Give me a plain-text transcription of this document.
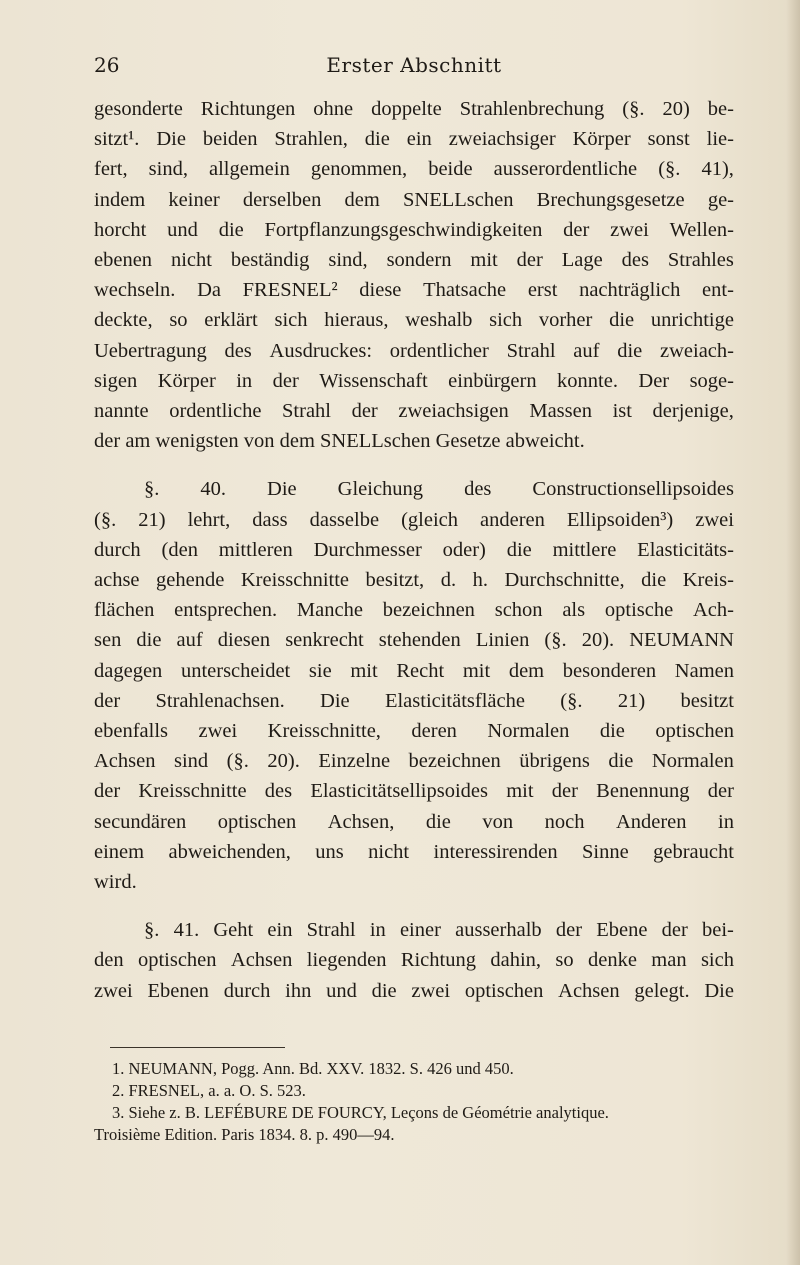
26	Erster Abschnitt
gesonderte Richtungen ohne doppelte Strahlenbrechung (§. 20) be-
sitzt¹. Die beiden Strahlen, die ein zweiachsiger Körper sonst lie-
fert, sind, allgemein genommen, beide ausserordentliche (§. 41),
indem keiner derselben dem SNELLschen Brechungsgesetze ge-
horcht und die Fortpflanzungsgeschwindigkeiten der zwei Wellen-
ebenen nicht beständig sind, sondern mit der Lage des Strahles
wechseln. Da FRESNEL² diese Thatsache erst nachträglich ent-
deckte, so erklärt sich hieraus, weshalb sich vorher die unrichtige
Uebertragung des Ausdruckes: ordentlicher Strahl auf die zweiach-
sigen Körper in der Wissenschaft einbürgern konnte. Der soge-
nannte ordentliche Strahl der zweiachsigen Massen ist derjenige,
der am wenigsten von dem SNELLschen Gesetze abweicht.
§. 40. Die Gleichung des Constructionsellipsoides
(§. 21) lehrt, dass dasselbe (gleich anderen Ellipsoiden³) zwei
durch (den mittleren Durchmesser oder) die mittlere Elasticitäts-
achse gehende Kreisschnitte besitzt, d. h. Durchschnitte, die Kreis-
flächen entsprechen. Manche bezeichnen schon als optische Ach-
sen die auf diesen senkrecht stehenden Linien (§. 20). NEUMANN
dagegen unterscheidet sie mit Recht mit dem besonderen Namen
der Strahlenachsen. Die Elasticitätsfläche (§. 21) besitzt
ebenfalls zwei Kreisschnitte, deren Normalen die optischen
Achsen sind (§. 20). Einzelne bezeichnen übrigens die Normalen
der Kreisschnitte des Elasticitätsellipsoides mit der Benennung der
secundären optischen Achsen, die von noch Anderen in
einem abweichenden, uns nicht interessirenden Sinne gebraucht
wird.
§. 41. Geht ein Strahl in einer ausserhalb der Ebene der bei-
den optischen Achsen liegenden Richtung dahin, so denke man sich
zwei Ebenen durch ihn und die zwei optischen Achsen gelegt. Die
1. NEUMANN, Pogg. Ann. Bd. XXV. 1832. S. 426 und 450.
2. FRESNEL, a. a. O. S. 523.
3. Siehe z. B. LEFÉBURE DE FOURCY, Leçons de Géométrie analytique.
Troisième Edition. Paris 1834. 8. p. 490—94.
